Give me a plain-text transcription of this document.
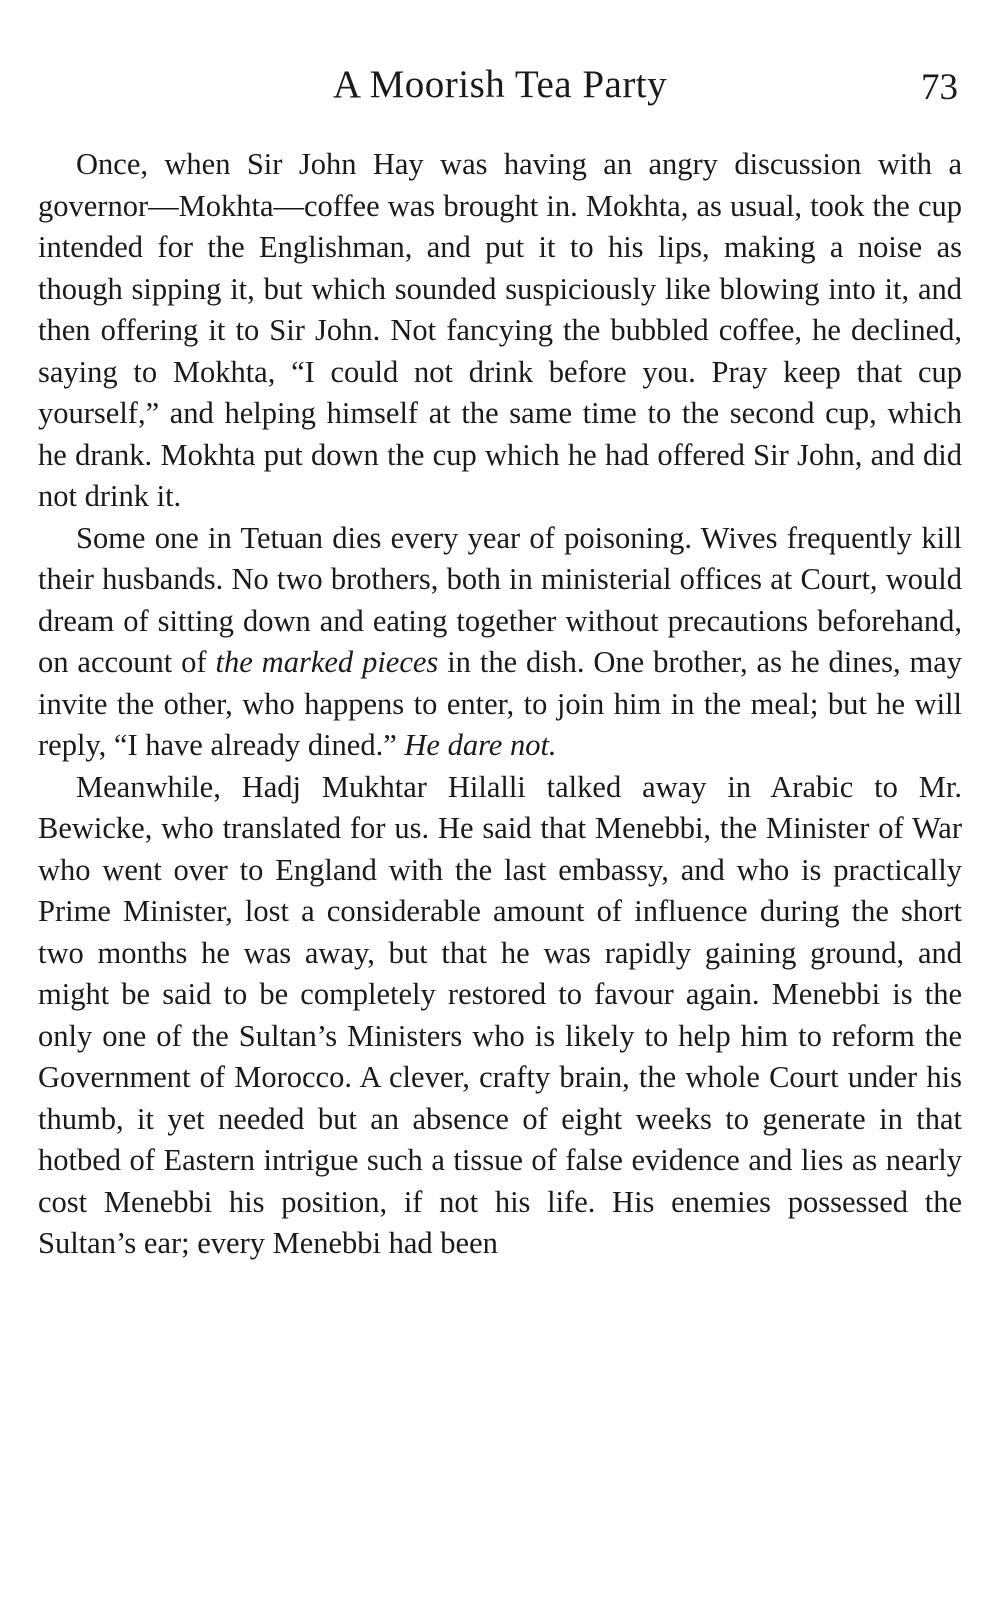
A Moorish Tea Party	73

Once, when Sir John Hay was having an angry discussion with a governor—Mokhta—coffee was brought in. Mokhta, as usual, took the cup intended for the Englishman, and put it to his lips, making a noise as though sipping it, but which sounded suspiciously like blowing into it, and then offering it to Sir John. Not fancying the bubbled coffee, he declined, saying to Mokhta, “I could not drink before you. Pray keep that cup yourself,” and helping himself at the same time to the second cup, which he drank. Mokhta put down the cup which he had offered Sir John, and did not drink it.

Some one in Tetuan dies every year of poisoning. Wives frequently kill their husbands. No two brothers, both in ministerial offices at Court, would dream of sitting down and eating together without precautions beforehand, on account of the marked pieces in the dish. One brother, as he dines, may invite the other, who happens to enter, to join him in the meal; but he will reply, “I have already dined.” He dare not.

Meanwhile, Hadj Mukhtar Hilalli talked away in Arabic to Mr. Bewicke, who translated for us. He said that Menebbi, the Minister of War who went over to England with the last embassy, and who is practically Prime Minister, lost a considerable amount of influence during the short two months he was away, but that he was rapidly gaining ground, and might be said to be completely restored to favour again. Menebbi is the only one of the Sultan’s Ministers who is likely to help him to reform the Government of Morocco. A clever, crafty brain, the whole Court under his thumb, it yet needed but an absence of eight weeks to generate in that hotbed of Eastern intrigue such a tissue of false evidence and lies as nearly cost Menebbi his position, if not his life. His enemies possessed the Sultan’s ear; every Menebbi had been
